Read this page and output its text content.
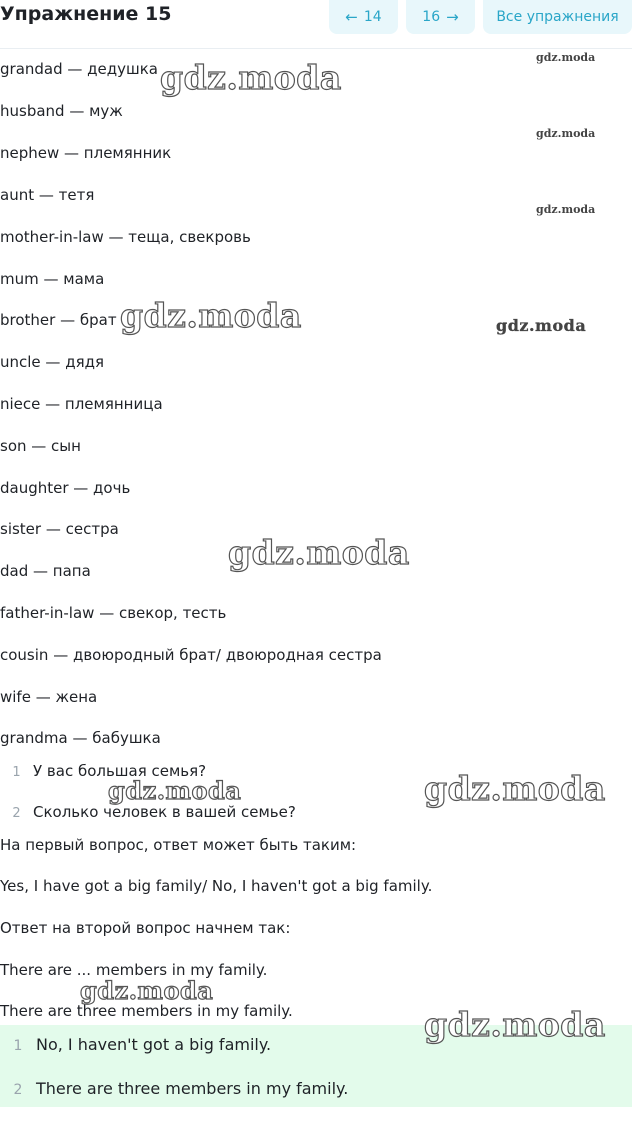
Упражнение 15	← 14	16 →	Все упражнения
grandad — дедушка
husband — муж
nephew — племянник
aunt — тетя
mother-in-law — теща, свекровь
mum — мама
brother — брат
uncle — дядя
niece — племянница
son — сын
daughter — дочь
sister — сестра
dad — папа
father-in-law — свекор, тесть
cousin — двоюродный брат/ двоюродная сестра
wife — жена
grandma — бабушка
1 У вас большая семья?
2 Сколько человек в вашей семье?
На первый вопрос, ответ может быть таким:
Yes, I have got a big family/ No, I haven't got a big family.
Ответ на второй вопрос начнем так:
There are ... members in my family.
There are three members in my family.
1 No, I haven't got a big family.
2 There are three members in my family.
gdz.moda
gdz.moda
gdz.moda
gdz.moda
gdz.moda	gdz.moda
gdz.moda
gdz.moda	gdz.moda
gdz.moda
gdz.moda
